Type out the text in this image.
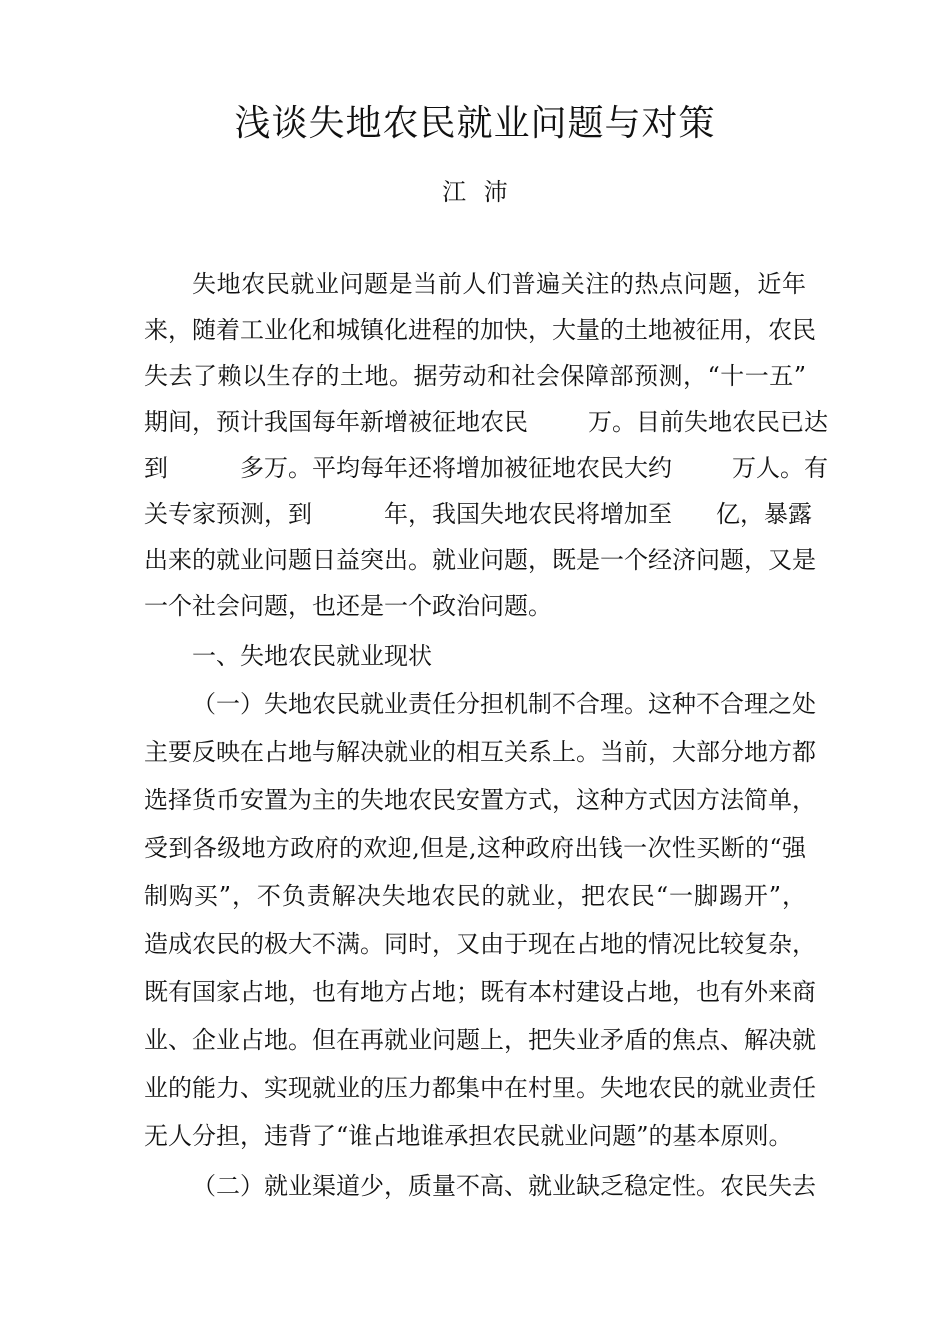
浅谈失地农民就业问题与对策
江 沛
失地农民就业问题是当前人们普遍关注的热点问题，近年
来，随着工业化和城镇化进程的加快，大量的土地被征用，农民
失去了赖以生存的土地。据劳动和社会保障部预测，“十一五”
期间，预计我国每年新增被征地农民	万。目前失地农民已达
到	多万。平均每年还将增加被征地农民大约	万人。有
关专家预测，到	年，我国失地农民将增加至 亿，暴露
出来的就业问题日益突出。就业问题，既是一个经济问题，又是
一个社会问题，也还是一个政治问题。
一、失地农民就业现状
（一）失地农民就业责任分担机制不合理。这种不合理之处
主要反映在占地与解决就业的相互关系上。当前，大部分地方都
选择货币安置为主的失地农民安置方式，这种方式因方法简单，
受到各级地方政府的欢迎,但是,这种政府出钱一次性买断的“强
制购买”，不负责解决失地农民的就业，把农民“一脚踢开”，
造成农民的极大不满。同时，又由于现在占地的情况比较复杂，
既有国家占地，也有地方占地；既有本村建设占地，也有外来商
业、企业占地。但在再就业问题上，把失业矛盾的焦点、解决就
业的能力、实现就业的压力都集中在村里。失地农民的就业责任
无人分担，违背了“谁占地谁承担农民就业问题”的基本原则。
（二）就业渠道少，质量不高、就业缺乏稳定性。农民失去
